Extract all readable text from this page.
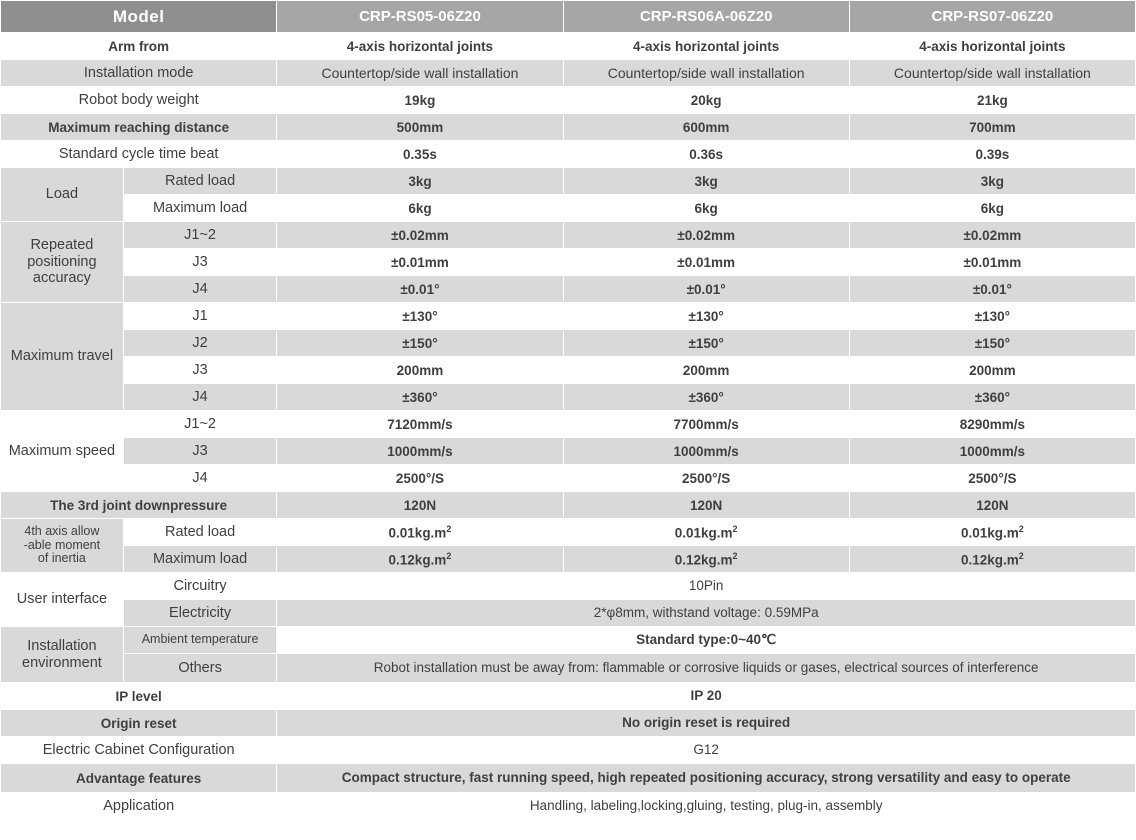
Model		CRP-RS05-06Z20	CRP-RS06A-06Z20	CRP-RS07-06Z20
Arm from		4-axis horizontal joints	4-axis horizontal joints	4-axis horizontal joints
Installation mode		Countertop/side wall installation	Countertop/side wall installation	Countertop/side wall installation
Robot body weight		19kg	20kg	21kg
Maximum reaching distance		500mm	600mm	700mm
Standard cycle time beat		0.35s	0.36s	0.39s
Load	Rated load	3kg	3kg	3kg
	Maximum load	6kg	6kg	6kg
Repeated positioning accuracy	J1~2	±0.02mm	±0.02mm	±0.02mm
	J3	±0.01mm	±0.01mm	±0.01mm
	J4	±0.01°	±0.01°	±0.01°
Maximum travel	J1	±130°	±130°	±130°
	J2	±150°	±150°	±150°
	J3	200mm	200mm	200mm
	J4	±360°	±360°	±360°
Maximum speed	J1~2	7120mm/s	7700mm/s	8290mm/s
	J3	1000mm/s	1000mm/s	1000mm/s
	J4	2500°/S	2500°/S	2500°/S
The 3rd joint downpressure		120N	120N	120N
4th axis allow
-able moment
of inertia	Rated load	$0.01kg.m^2$	$0.01kg.m^2$	$0.01kg.m^2$
	Maximum load	$0.12kg.m^2$	$0.12kg.m^2$	$0.12kg.m^2$
User interface	Circuitry	10Pin		
	Electricity	2*φ8mm, withstand voltage: 0.59MPa		
Installation environment	Ambient temperature	Standard type:0~40℃		
	Others	Robot installation must be away from: flammable or corrosive liquids or gases, electrical sources of interference		
IP level		IP 20		
Origin reset		No origin reset is required		
Electric Cabinet Configuration		G12		
Advantage features		Compact structure, fast running speed, high repeated positioning accuracy, strong versatility and easy to operate		
Application		Handling, labeling,locking,gluing, testing, plug-in, assembly		
